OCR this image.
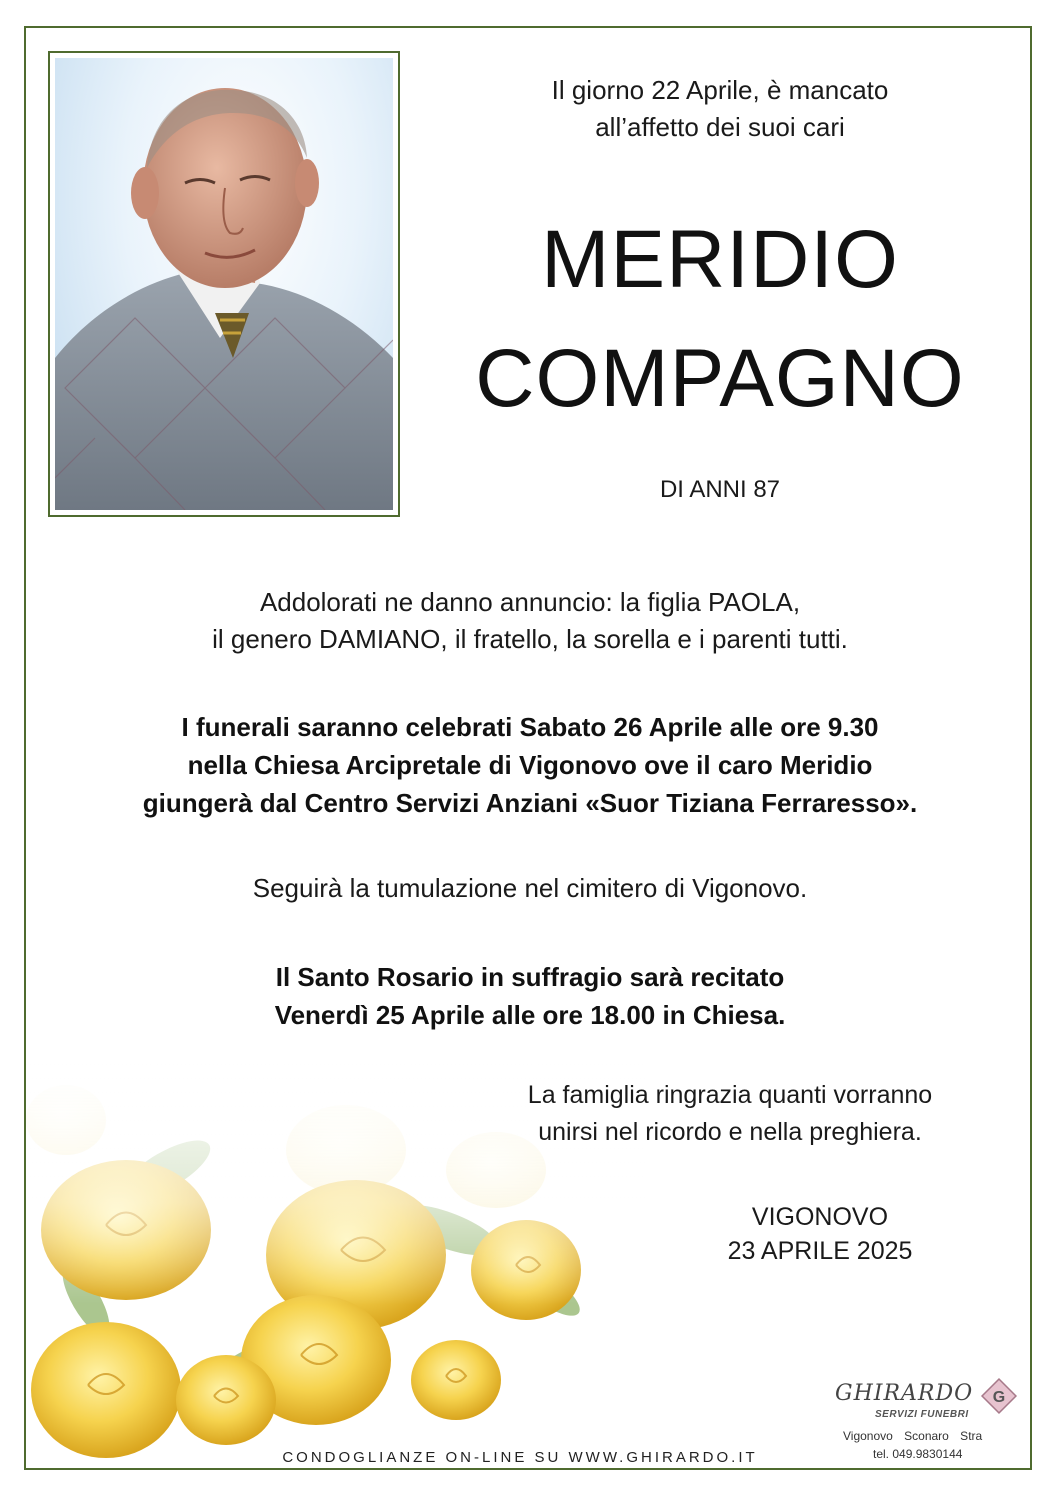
Il giorno 22 Aprile, è mancato
all’affetto dei suoi cari
MERIDIO
COMPAGNO
DI ANNI 87
Addolorati ne danno annuncio: la figlia PAOLA,
il genero DAMIANO, il fratello, la sorella e i parenti tutti.
I funerali saranno celebrati Sabato 26 Aprile alle ore 9.30
nella Chiesa Arcipretale di Vigonovo ove il caro Meridio
giungerà dal Centro Servizi Anziani «Suor Tiziana Ferraresso».
Seguirà la tumulazione nel cimitero di Vigonovo.
Il Santo Rosario in suffragio sarà recitato
Venerdì 25 Aprile alle ore 18.00 in Chiesa.
La famiglia ringrazia quanti vorranno
unirsi nel ricordo e nella preghiera.
VIGONOVO
23 APRILE 2025
GHIRARDO
SERVIZI FUNEBRI
G
Vigonovo Sconaro Stra
tel. 049.9830144
CONDOGLIANZE ON-LINE SU WWW.GHIRARDO.IT
